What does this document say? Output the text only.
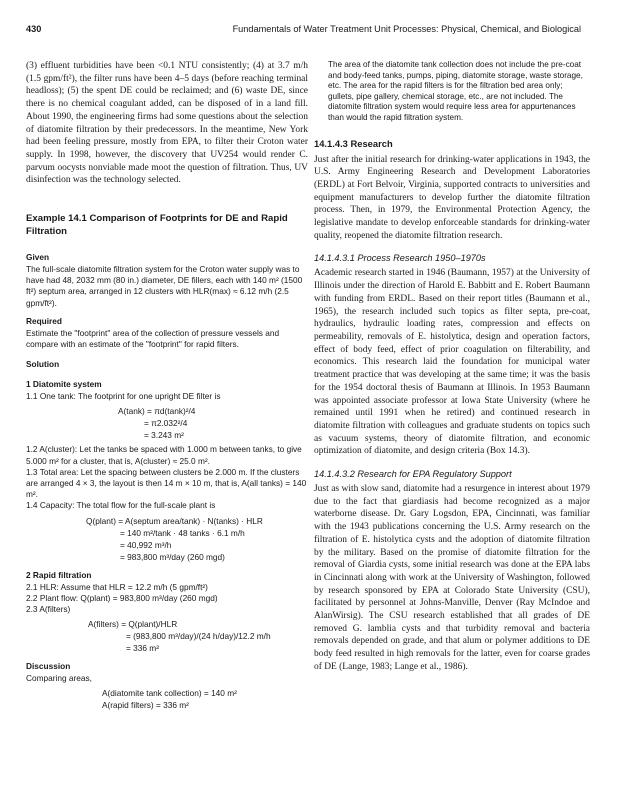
430	Fundamentals of Water Treatment Unit Processes: Physical, Chemical, and Biological

(3) effluent turbidities have been <0.1 NTU consistently; (4) at 3.7 m/h (1.5 gpm/ft²), the filter runs have been 4–5 days (before reaching terminal headloss); (5) the spent DE could be reclaimed; and (6) waste DE, since there is no chemical coagulant added, can be disposed of in a land fill. About 1990, the engineering firms had some questions about the selection of diatomite filtration by their predecessors. In the meantime, New York had been feeling pressure, mostly from EPA, to filter their Croton water supply. In 1998, however, the discovery that UV254 would render C. parvum oocysts nonviable made moot the question of filtration. Thus, UV disinfection was the technology selected.

Example 14.1 Comparison of Footprints for DE and Rapid Filtration
Given

The full-scale diatomite filtration system for the Croton water supply was to have had 48, 2032 mm (80 in.) diameter, DE fillers, each with 140 m² (1500 ft²) septum area, arranged in 12 clusters with HLR(max) ≈ 6.12 m/h (2.5 gpm/ft²).

Required

Estimate the "footprint" area of the collection of pressure vessels and compare with an estimate of the "footprint" for rapid filters.

Solution
1 Diatomite system

1.1 One tank: The footprint for one upright DE filter is

A(tank) = πd(tank)²/4

= π2.032²/4

= 3.243 m²

1.2 A(cluster): Let the tanks be spaced with 1.000 m between tanks, to give 5.000 m² for a cluster, that is, A(cluster) ≈ 25.0 m².

1.3 Total area: Let the spacing between clusters be 2.000 m. If the clusters are arranged 4 × 3, the layout is then 14 m × 10 m, that is, A(all tanks) = 140 m².

1.4 Capacity: The total flow for the full-scale plant is

Q(plant) = A(septum area/tank) · N(tanks) · HLR

= 140 m²/tank · 48 tanks · 6.1 m/h

= 40,992 m³/h

= 983,800 m³/day (260 mgd)

2 Rapid filtration

2.1 HLR: Assume that HLR = 12.2 m/h (5 gpm/ft²)

2.2 Plant flow: Q(plant) = 983,800 m³/day (260 mgd)

2.3 A(filters)

A(filters) = Q(plant)/HLR

= (983,800 m³/day)/(24 h/day)/12.2 m/h

= 336 m²

Discussion

Comparing areas,

A(diatomite tank collection) = 140 m²

A(rapid filters) = 336 m²

The area of the diatomite tank collection does not include the pre-coat and body-feed tanks, pumps, piping, diatomite storage, waste storage, etc. The area for the rapid filters is for the filtration bed area only; gullets, pipe gallery, chemical storage, etc., are not included. The diatomite filtration system would require less area for appurtenances than would the rapid filtration system.

14.1.4.3 Research

Just after the initial research for drinking-water applications in 1943, the U.S. Army Engineering Research and Development Laboratories (ERDL) at Fort Belvoir, Virginia, supported contracts to universities and equipment manufacturers to develop further the diatomite filtration process. Then, in 1979, the Environmental Protection Agency, the legislative mandate to develop enforceable standards for drinking-water quality, reopened the diatomite filtration research.

14.1.4.3.1 Process Research 1950–1970s

Academic research started in 1946 (Baumann, 1957) at the University of Illinois under the direction of Harold E. Babbitt and E. Robert Baumann with funding from ERDL. Based on their report titles (Baumann et al., 1965), the research included such topics as filter septa, pre-coat, hydraulics, hydraulic loading rates, compression and effects on permeability, removals of E. histolytica, design and operation factors, effect of body feed, effect of prior coagulation on filterability, and economics. This research laid the foundation for municipal water treatment practice that was developing at the same time; it was the basis for the 1954 doctoral thesis of Baumann at Illinois. In 1953 Baumann was appointed associate professor at Iowa State University (where he remained until 1991 when he retired) and continued research in diatomite filtration with colleagues and graduate students on topics such as vacuum systems, theory of diatomite filtration, and economic optimization of diatomite, and design criteria (Box 14.3).

14.1.4.3.2 Research for EPA Regulatory Support

Just as with slow sand, diatomite had a resurgence in interest about 1979 due to the fact that giardiasis had become recognized as a major waterborne disease. Dr. Gary Logsdon, EPA, Cincinnati, was familiar with the 1943 publications concerning the U.S. Army research on the filtration of E. histolytica cysts and the adoption of diatomite filtration by the military. Based on the promise of diatomite filtration for the removal of Giardia cysts, some initial research was done at the EPA labs in Cincinnati along with work at the University of Washington, followed by research sponsored by EPA at Colorado State University (CSU), facilitated by personnel at Johns-Manville, Denver (Ray McIndoe and AlanWirsig). The CSU research established that all grades of DE removed G. lamblia cysts and that turbidity removal and bacteria removals depended on grade, and that alum or polymer additions to DE body feed resulted in high removals for the latter, even for coarse grades of DE (Lange, 1983; Lange et al., 1986).
